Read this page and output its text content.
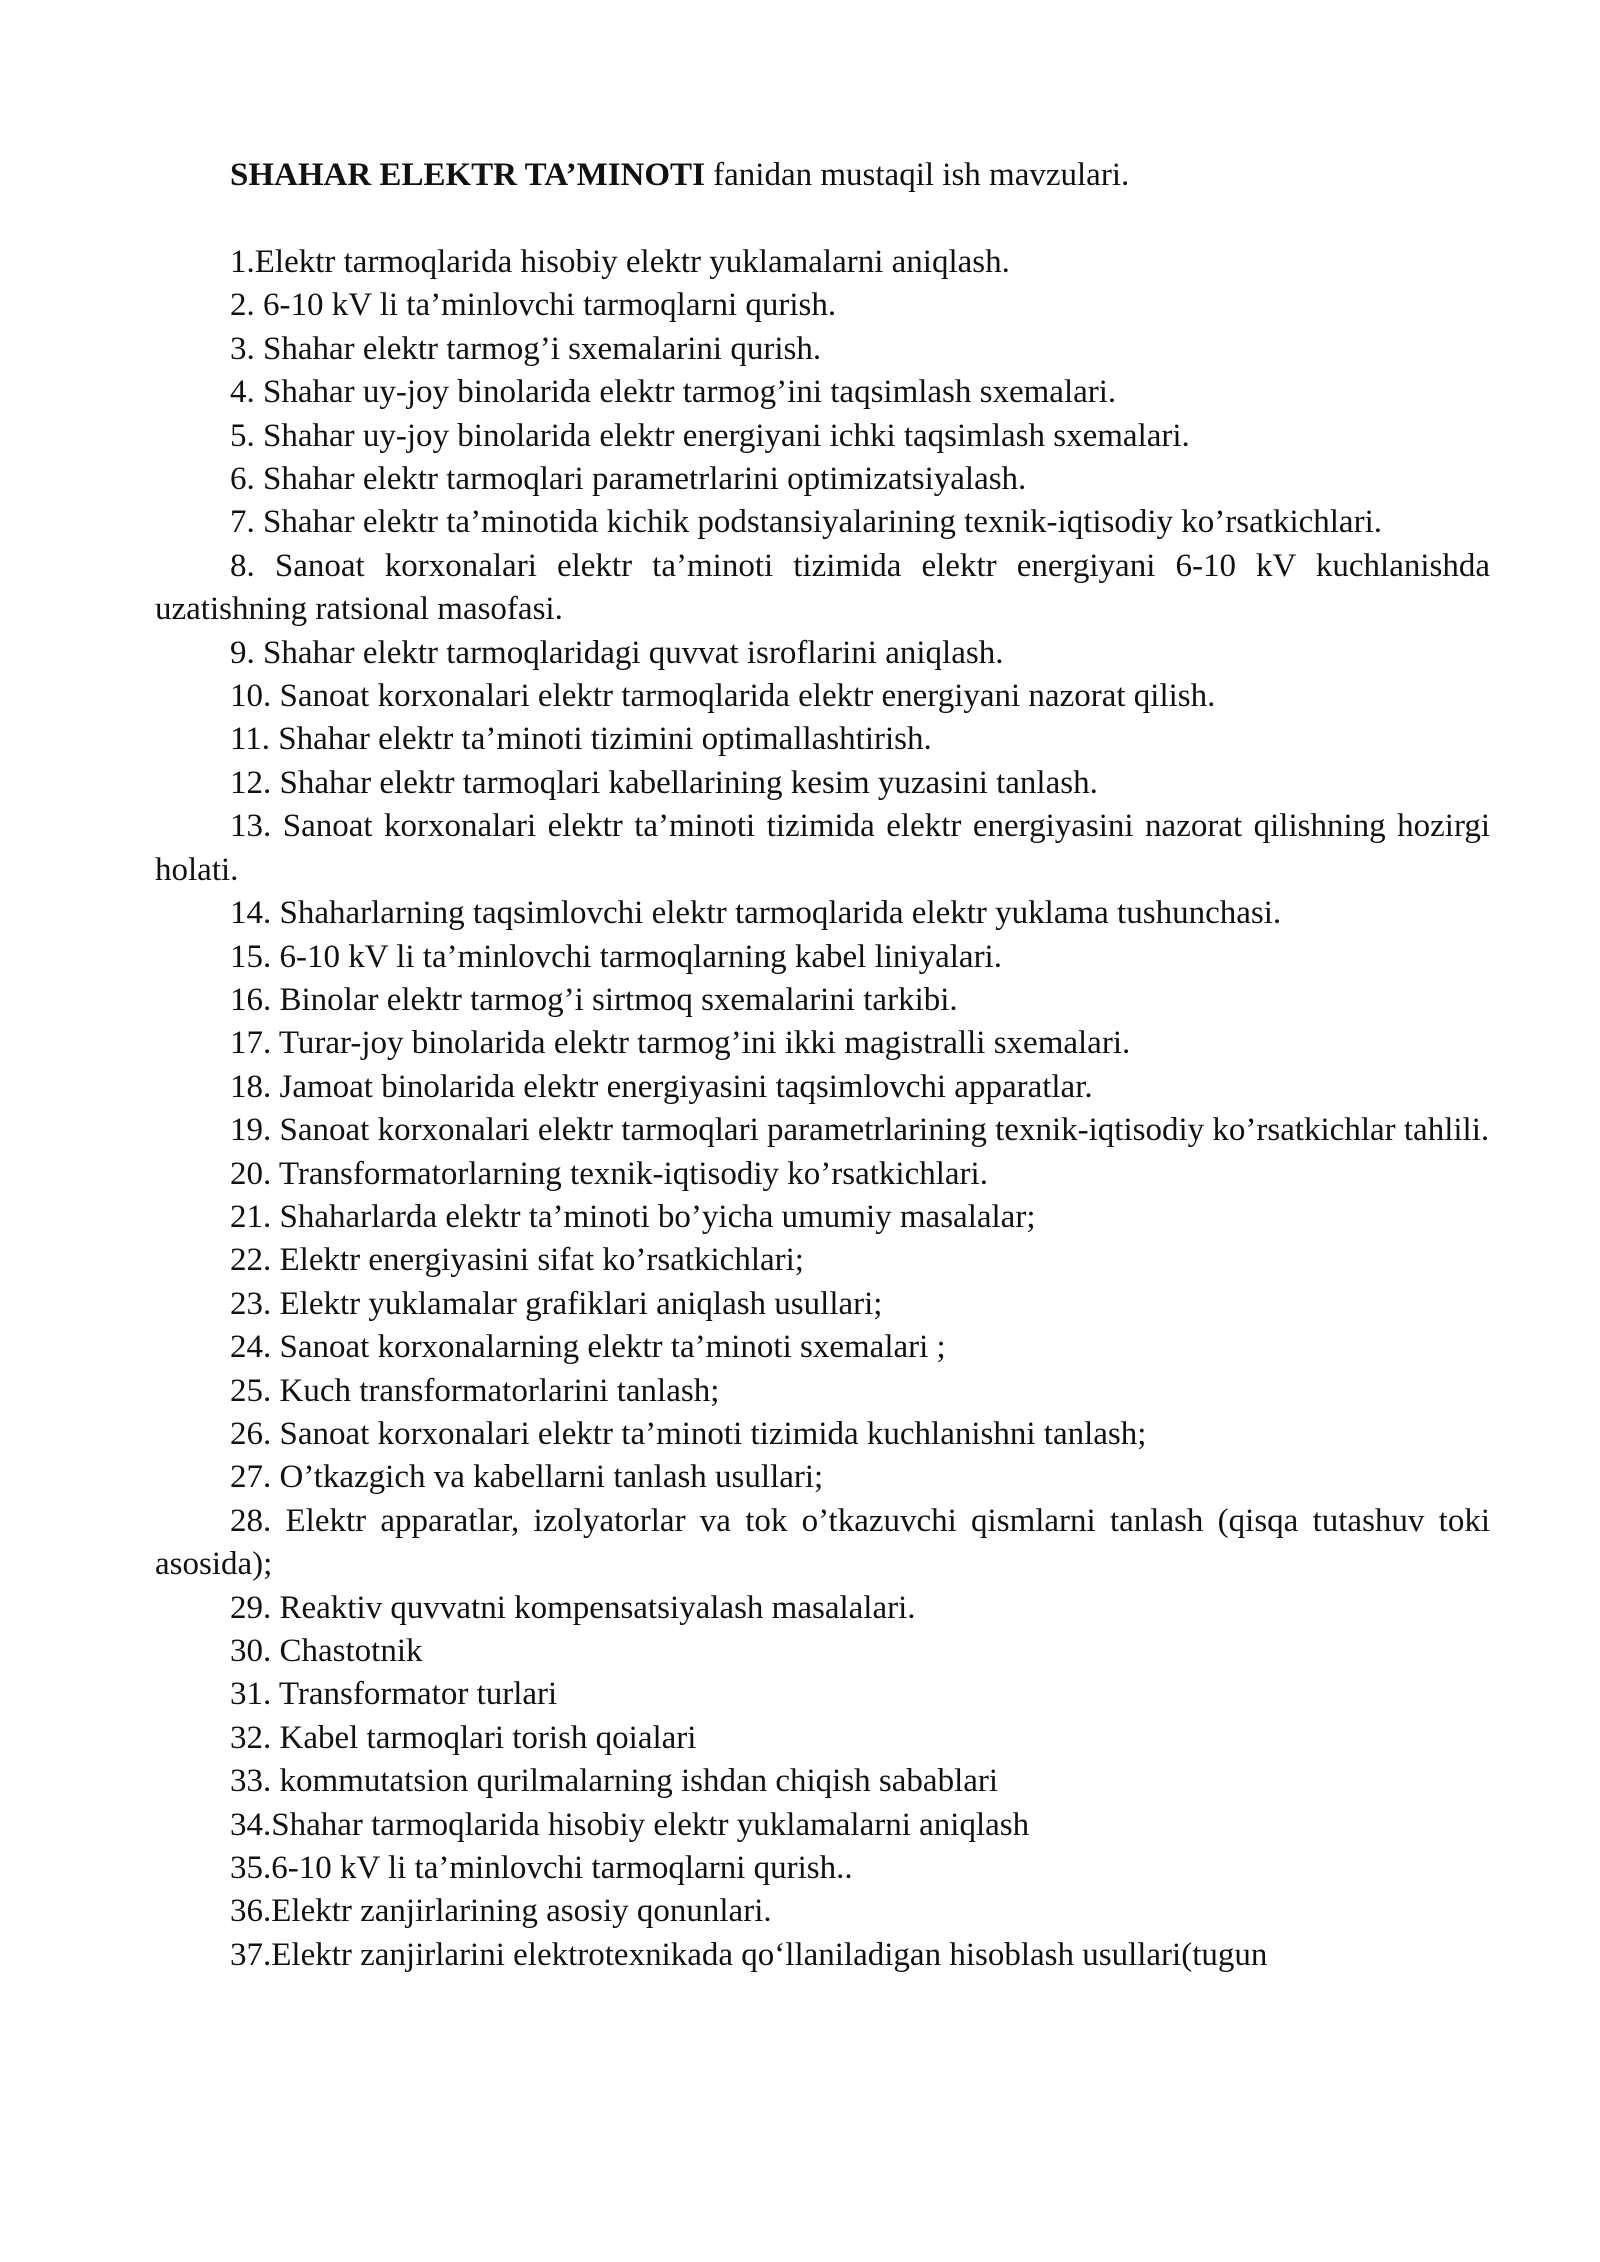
SHAHAR ELEKTR TA’MINOTI fanidan mustaqil ish mavzulari.

1.Elektr tarmoqlarida hisobiy elektr yuklamalarni aniqlash.
2. 6-10 kV li ta’minlovchi tarmoqlarni qurish.
3. Shahar elektr tarmog’i sxemalarini qurish.
4. Shahar uy-joy binolarida elektr tarmog’ini taqsimlash sxemalari.
5. Shahar uy-joy binolarida elektr energiyani ichki taqsimlash sxemalari.
6. Shahar elektr tarmoqlari parametrlarini optimizatsiyalash.
7. Shahar elektr ta’minotida kichik podstansiyalarining texnik-iqtisodiy ko’rsatkichlari.
8. Sanoat korxonalari elektr ta’minoti tizimida elektr energiyani 6-10 kV kuchlanishda uzatishning ratsional masofasi.
9. Shahar elektr tarmoqlaridagi quvvat isroflarini aniqlash.
10. Sanoat korxonalari elektr tarmoqlarida elektr energiyani nazorat qilish.
11. Shahar elektr ta’minoti tizimini optimallashtirish.
12. Shahar elektr tarmoqlari kabellarining kesim yuzasini tanlash.
13. Sanoat korxonalari elektr ta’minoti tizimida elektr energiyasini nazorat qilishning hozirgi holati.
14. Shaharlarning taqsimlovchi elektr tarmoqlarida elektr yuklama tushunchasi.
15. 6-10 kV li ta’minlovchi tarmoqlarning kabel liniyalari.
16. Binolar elektr tarmog’i sirtmoq sxemalarini tarkibi.
17. Turar-joy binolarida elektr tarmog’ini ikki magistralli sxemalari.
18. Jamoat binolarida elektr energiyasini taqsimlovchi apparatlar.
19. Sanoat korxonalari elektr tarmoqlari parametrlarining texnik-iqtisodiy ko’rsatkichlar tahlili.
20. Transformatorlarning texnik-iqtisodiy ko’rsatkichlari.
21. Shaharlarda elektr ta’minoti bo’yicha umumiy masalalar;
22. Elektr energiyasini sifat ko’rsatkichlari;
23. Elektr yuklamalar grafiklari aniqlash usullari;
24. Sanoat korxonalarning elektr ta’minoti sxemalari ;
25. Kuch transformatorlarini tanlash;
26. Sanoat korxonalari elektr ta’minoti tizimida kuchlanishni tanlash;
27. O’tkazgich va kabellarni tanlash usullari;
28. Elektr apparatlar, izolyatorlar va tok o’tkazuvchi qismlarni tanlash (qisqa tutashuv toki asosida);
29. Reaktiv quvvatni kompensatsiyalash masalalari.
30. Chastotnik
31. Transformator turlari
32. Kabel tarmoqlari torish qoialari
33. kommutatsion qurilmalarning ishdan chiqish sabablari
34.Shahar tarmoqlarida hisobiy elektr yuklamalarni aniqlash
35.6-10 kV li ta’minlovchi tarmoqlarni qurish..
36.Elektr zanjirlarining asosiy qonunlari.
37.Elektr zanjirlarini elektrotexnikada qo‘llaniladigan hisoblash usullari(tugun
